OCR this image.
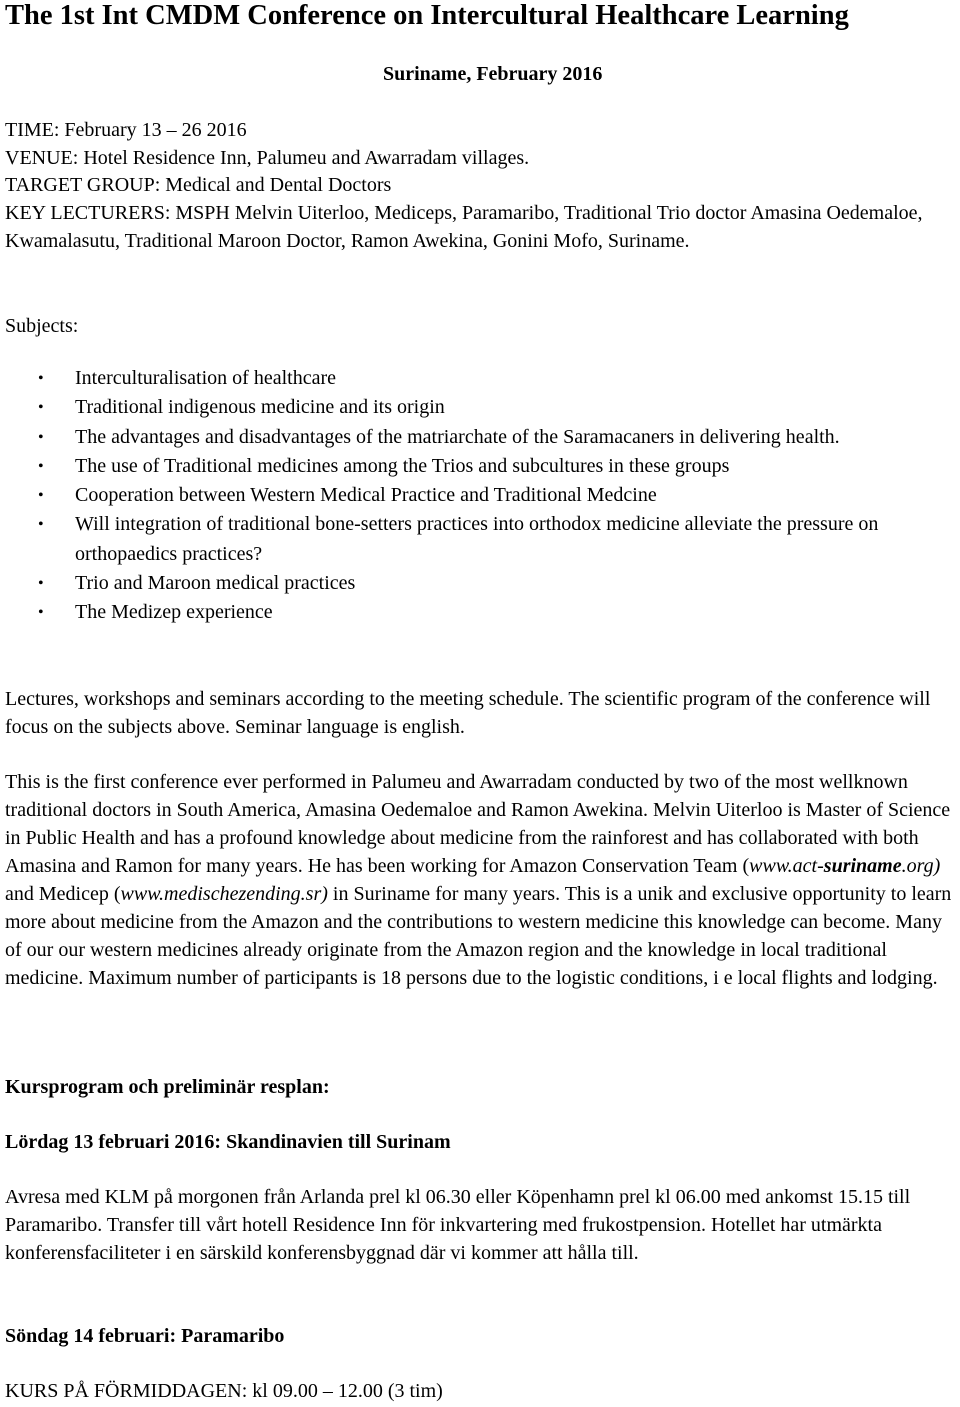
The 1st Int CMDM Conference on Intercultural Healthcare Learning

Suriname, February 2016

TIME: February 13 – 26 2016

VENUE: Hotel Residence Inn, Palumeu and Awarradam villages.

TARGET GROUP: Medical and Dental Doctors

KEY LECTURERS: MSPH Melvin Uiterloo, Mediceps, Paramaribo, Traditional Trio doctor Amasina Oedemaloe, Kwamalasutu, Traditional Maroon Doctor, Ramon Awekina, Gonini Mofo, Suriname.

Subjects:

• Interculturalisation of healthcare
• Traditional indigenous medicine and its origin
• The advantages and disadvantages of the matriarchate of the Saramacaners in delivering health.
• The use of Traditional medicines among the Trios and subcultures in these groups
• Cooperation between Western Medical Practice and Traditional Medcine
• Will integration of traditional bone-setters practices into orthodox medicine alleviate the pressure on orthopaedics practices?
• Trio and Maroon medical practices
• The Medizep experience

Lectures, workshops and seminars according to the meeting schedule. The scientific program of the conference will focus on the subjects above. Seminar language is english.

This is the first conference ever performed in Palumeu and Awarradam conducted by two of the most wellknown traditional doctors in South America, Amasina Oedemaloe and Ramon Awekina. Melvin Uiterloo is Master of Science in Public Health and has a profound knowledge about medicine from the rainforest and has collaborated with both Amasina and Ramon for many years. He has been working for Amazon Conservation Team (www.act-suriname.org) and Medicep (www.medischezending.sr) in Suriname for many years. This is a unik and exclusive opportunity to learn more about medicine from the Amazon and the contributions to western medicine this knowledge can become. Many of our our western medicines already originate from the Amazon region and the knowledge in local traditional medicine. Maximum number of participants is 18 persons due to the logistic conditions, i e local flights and lodging.

Kursprogram och preliminär resplan:

Lördag 13 februari 2016: Skandinavien till Surinam

Avresa med KLM på morgonen från Arlanda prel kl 06.30 eller Köpenhamn prel kl 06.00 med ankomst 15.15 till Paramaribo. Transfer till vårt hotell Residence Inn för inkvartering med frukostpension. Hotellet har utmärkta konferensfaciliteter i en särskild konferensbyggnad där vi kommer att hålla till.

Söndag 14 februari: Paramaribo

KURS PÅ FÖRMIDDAGEN: kl 09.00 – 12.00 (3 tim)
